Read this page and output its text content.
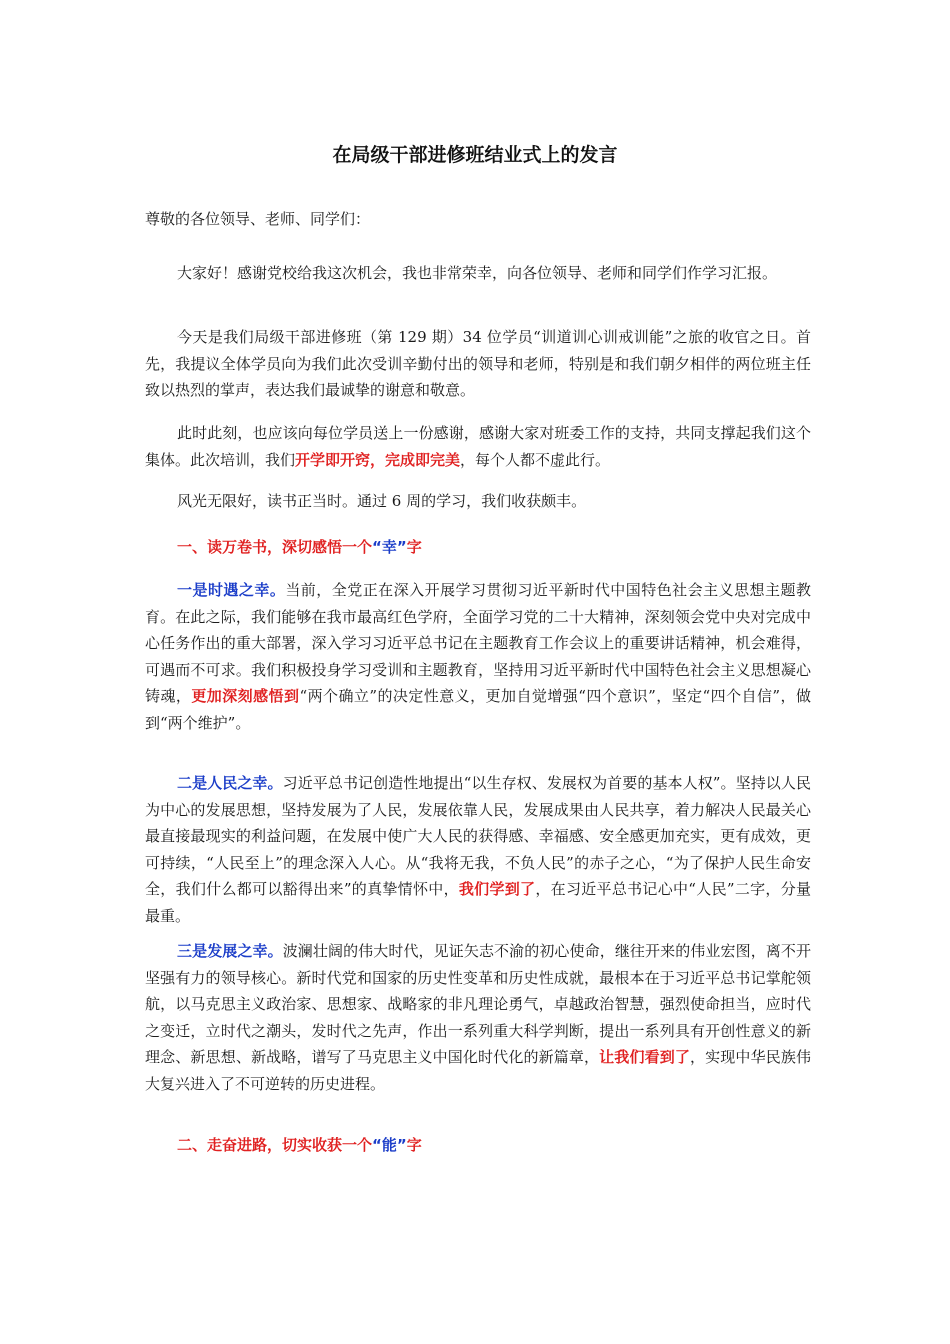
在局级干部进修班结业式上的发言
尊敬的各位领导、老师、同学们：

大家好！感谢党校给我这次机会，我也非常荣幸，向各位领导、老师和同学们作学习汇报。

今天是我们局级干部进修班（第 129 期）34 位学员“训道训心训戒训能”之旅的收官之日。首先，我提议全体学员向为我们此次受训辛勤付出的领导和老师，特别是和我们朝夕相伴的两位班主任致以热烈的掌声，表达我们最诚挚的谢意和敬意。

此时此刻，也应该向每位学员送上一份感谢，感谢大家对班委工作的支持，共同支撑起我们这个集体。此次培训，我们开学即开窍，完成即完美，每个人都不虚此行。

风光无限好，读书正当时。通过 6 周的学习，我们收获颇丰。

一、读万卷书，深切感悟一个“幸”字

一是时遇之幸。当前，全党正在深入开展学习贯彻习近平新时代中国特色社会主义思想主题教育。在此之际，我们能够在我市最高红色学府，全面学习党的二十大精神，深刻领会党中央对完成中心任务作出的重大部署，深入学习习近平总书记在主题教育工作会议上的重要讲话精神，机会难得，可遇而不可求。我们积极投身学习受训和主题教育，坚持用习近平新时代中国特色社会主义思想凝心铸魂，更加深刻感悟到“两个确立”的决定性意义，更加自觉增强“四个意识”，坚定“四个自信”，做到“两个维护”。

二是人民之幸。习近平总书记创造性地提出“以生存权、发展权为首要的基本人权”。坚持以人民为中心的发展思想，坚持发展为了人民，发展依靠人民，发展成果由人民共享，着力解决人民最关心最直接最现实的利益问题，在发展中使广大人民的获得感、幸福感、安全感更加充实，更有成效，更可持续，“人民至上”的理念深入人心。从“我将无我，不负人民”的赤子之心，“为了保护人民生命安全，我们什么都可以豁得出来”的真挚情怀中，我们学到了，在习近平总书记心中“人民”二字，分量最重。

三是发展之幸。波澜壮阔的伟大时代，见证矢志不渝的初心使命，继往开来的伟业宏图，离不开坚强有力的领导核心。新时代党和国家的历史性变革和历史性成就，最根本在于习近平总书记掌舵领航，以马克思主义政治家、思想家、战略家的非凡理论勇气，卓越政治智慧，强烈使命担当，应时代之变迁，立时代之潮头，发时代之先声，作出一系列重大科学判断，提出一系列具有开创性意义的新理念、新思想、新战略，谱写了马克思主义中国化时代化的新篇章，让我们看到了，实现中华民族伟大复兴进入了不可逆转的历史进程。

二、走奋进路，切实收获一个“能”字
